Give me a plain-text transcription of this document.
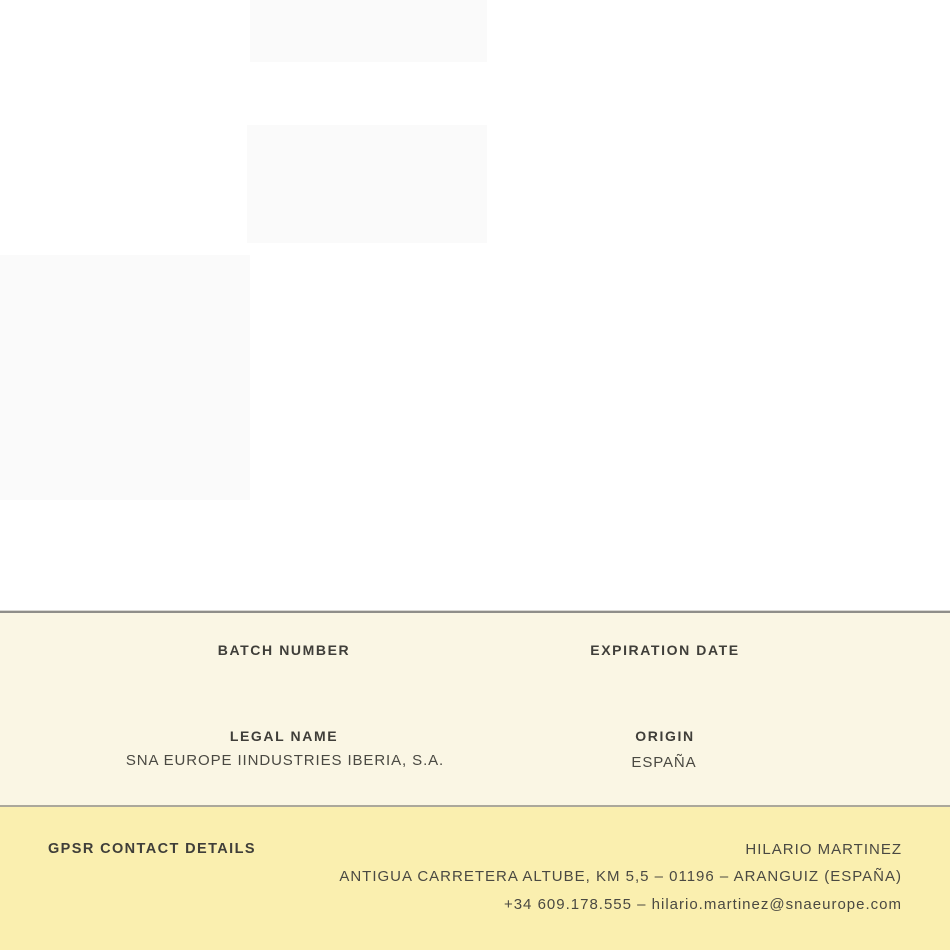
BATCH NUMBER	EXPIRATION DATE
LEGAL NAME	ORIGIN
SNA EUROPE IINDUSTRIES IBERIA, S.A.	ESPAÑA
GPSR CONTACT DETAILS	HILARIO MARTINEZ
ANTIGUA CARRETERA ALTUBE, KM 5,5 – 01196 – ARANGUIZ (ESPAÑA)
+34 609.178.555 – hilario.martinez@snaeurope.com
